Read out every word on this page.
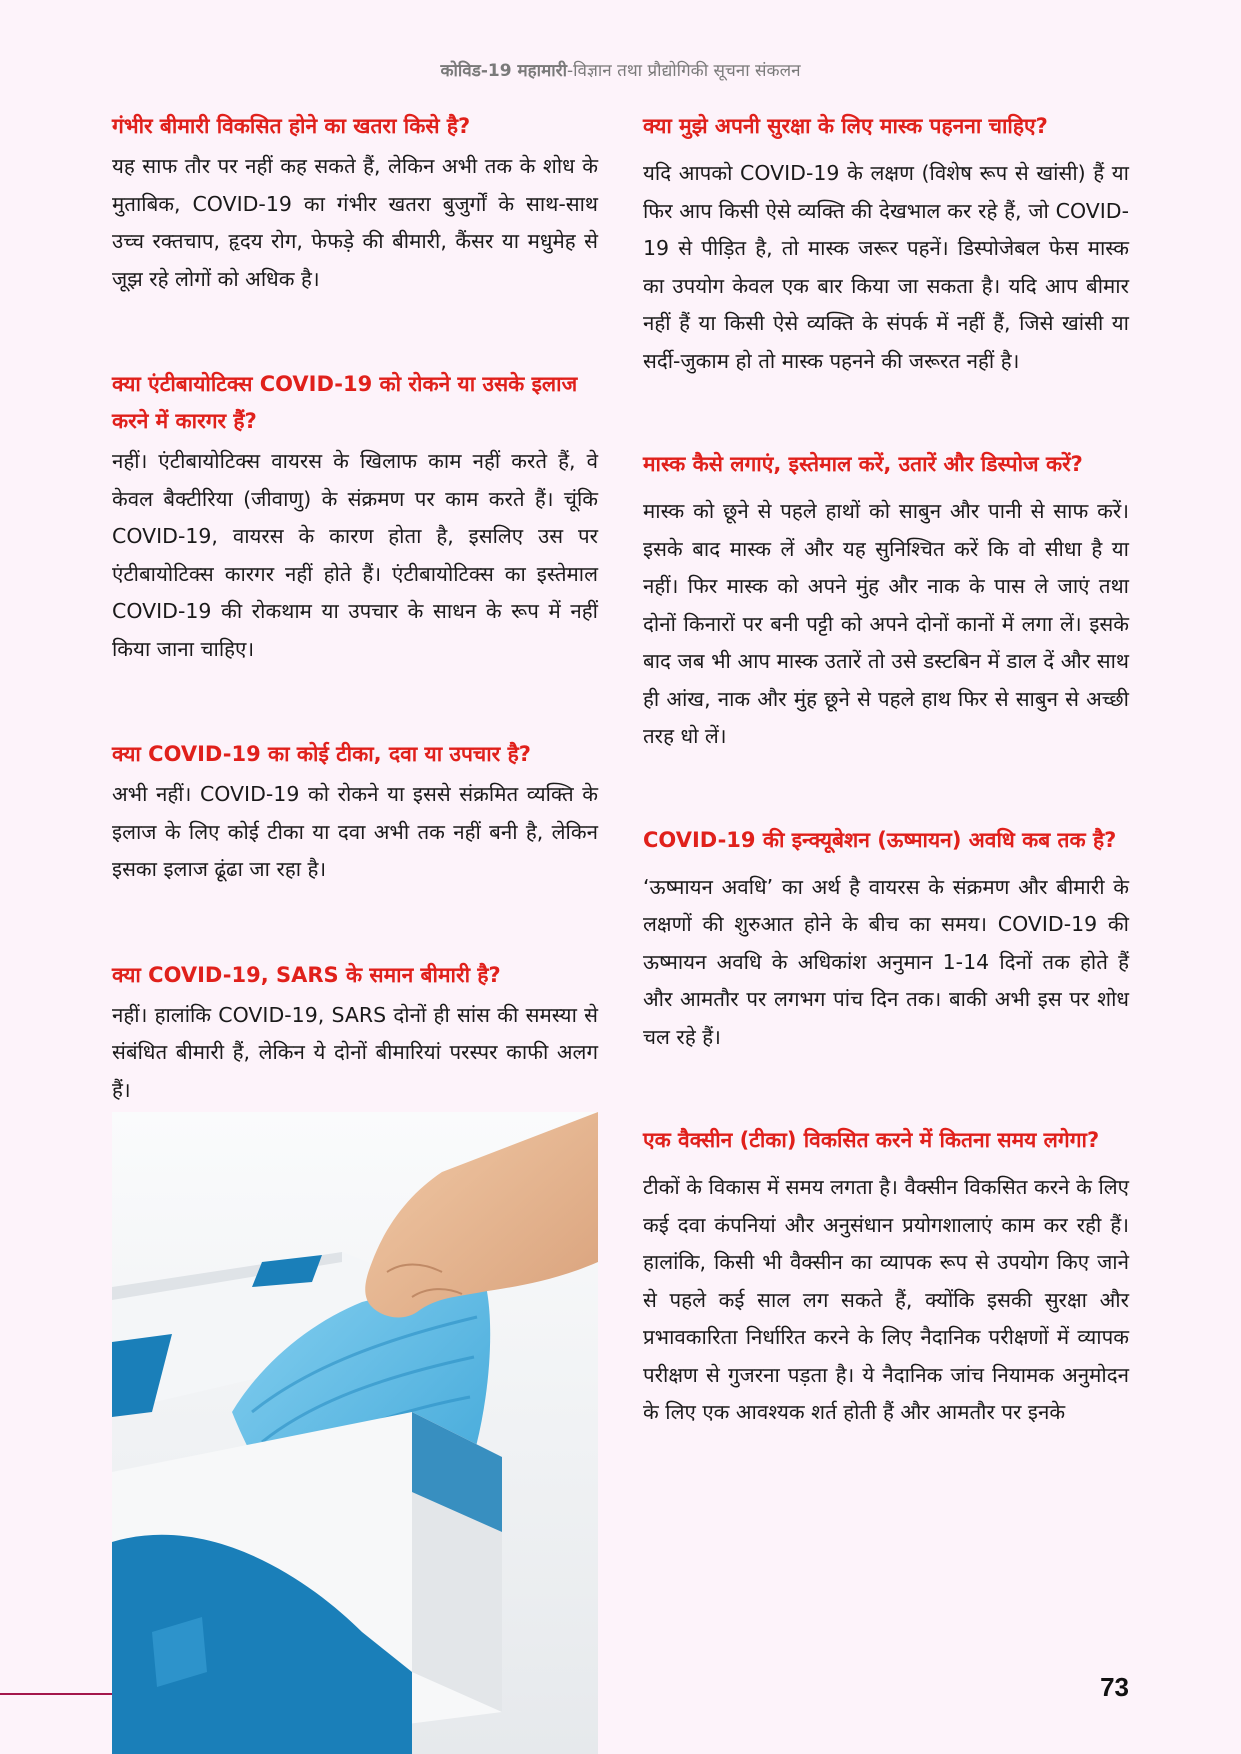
कोविड-19 महामारी-विज्ञान तथा प्रौद्योगिकी सूचना संकलन
गंभीर बीमारी विकसित होने का खतरा किसे है?

यह साफ तौर पर नहीं कह सकते हैं, लेकिन अभी तक के शोध के मुताबिक, COVID-19 का गंभीर खतरा बुजुर्गों के साथ-साथ उच्च रक्तचाप, हृदय रोग, फेफड़े की बीमारी, कैंसर या मधुमेह से जूझ रहे लोगों को अधिक है।

क्या एंटीबायोटिक्स COVID-19 को रोकने या उसके इलाज करने में कारगर हैं?

नहीं। एंटीबायोटिक्स वायरस के खिलाफ काम नहीं करते हैं, वे केवल बैक्टीरिया (जीवाणु) के संक्रमण पर काम करते हैं। चूंकि COVID-19, वायरस के कारण होता है, इसलिए उस पर एंटीबायोटिक्स कारगर नहीं होते हैं। एंटीबायोटिक्स का इस्तेमाल COVID-19 की रोकथाम या उपचार के साधन के रूप में नहीं किया जाना चाहिए।

क्या COVID-19 का कोई टीका, दवा या उपचार है?

अभी नहीं। COVID-19 को रोकने या इससे संक्रमित व्यक्ति के इलाज के लिए कोई टीका या दवा अभी तक नहीं बनी है, लेकिन इसका इलाज ढूंढा जा रहा है।

क्या COVID-19, SARS के समान बीमारी है?

नहीं। हालांकि COVID-19, SARS दोनों ही सांस की समस्या से संबंधित बीमारी हैं, लेकिन ये दोनों बीमारियां परस्पर काफी अलग हैं।

क्या मुझे अपनी सुरक्षा के लिए मास्क पहनना चाहिए?

यदि आपको COVID-19 के लक्षण (विशेष रूप से खांसी) हैं या फिर आप किसी ऐसे व्यक्ति की देखभाल कर रहे हैं, जो COVID-19 से पीड़ित है, तो मास्क जरूर पहनें। डिस्पोजेबल फेस मास्क का उपयोग केवल एक बार किया जा सकता है। यदि आप बीमार नहीं हैं या किसी ऐसे व्यक्ति के संपर्क में नहीं हैं, जिसे खांसी या सर्दी-जुकाम हो तो मास्क पहनने की जरूरत नहीं है।

मास्क कैसे लगाएं, इस्तेमाल करें, उतारें और डिस्पोज करें?

मास्क को छूने से पहले हाथों को साबुन और पानी से साफ करें। इसके बाद मास्क लें और यह सुनिश्चित करें कि वो सीधा है या नहीं। फिर मास्क को अपने मुंह और नाक के पास ले जाएं तथा दोनों किनारों पर बनी पट्टी को अपने दोनों कानों में लगा लें। इसके बाद जब भी आप मास्क उतारें तो उसे डस्टबिन में डाल दें और साथ ही आंख, नाक और मुंह छूने से पहले हाथ फिर से साबुन से अच्छी तरह धो लें।

COVID-19 की इन्क्यूबेशन (ऊष्मायन) अवधि कब तक है?

‘ऊष्मायन अवधि’ का अर्थ है वायरस के संक्रमण और बीमारी के लक्षणों की शुरुआत होने के बीच का समय। COVID-19 की ऊष्मायन अवधि के अधिकांश अनुमान 1-14 दिनों तक होते हैं और आमतौर पर लगभग पांच दिन तक। बाकी अभी इस पर शोध चल रहे हैं।

एक वैक्सीन (टीका) विकसित करने में कितना समय लगेगा?

टीकों के विकास में समय लगता है। वैक्सीन विकसित करने के लिए कई दवा कंपनियां और अनुसंधान प्रयोगशालाएं काम कर रही हैं। हालांकि, किसी भी वैक्सीन का व्यापक रूप से उपयोग किए जाने से पहले कई साल लग सकते हैं, क्योंकि इसकी सुरक्षा और प्रभावकारिता निर्धारित करने के लिए नैदानिक परीक्षणों में व्यापक परीक्षण से गुजरना पड़ता है। ये नैदानिक जांच नियामक अनुमोदन के लिए एक आवश्यक शर्त होती हैं और आमतौर पर इनके

73
